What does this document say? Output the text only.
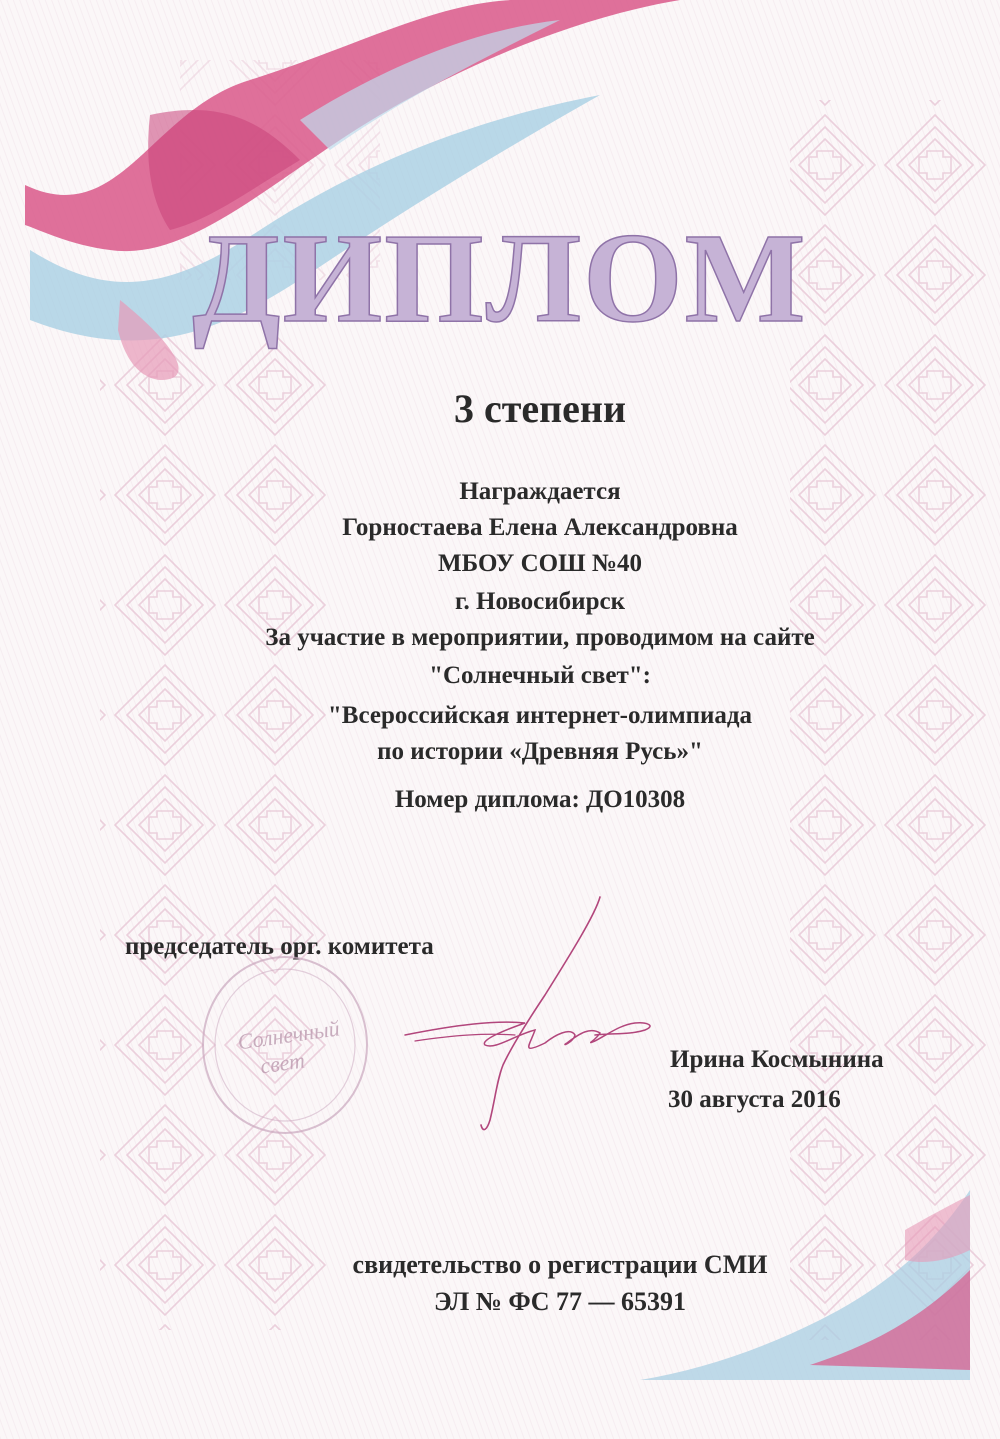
ДИПЛОМ
3 степени
Награждается
Горностаева Елена Александровна
МБОУ СОШ №40
г. Новосибирск
За участие в мероприятии, проводимом на сайте
"Солнечный свет":
"Всероссийская интернет-олимпиада
по истории «Древняя Русь»"
Номер диплома: ДО10308
председатель орг. комитета
Солнечный
свет	Ирина Космынина
30 августа 2016
свидетельство о регистрации СМИ
ЭЛ № ФС 77 — 65391
